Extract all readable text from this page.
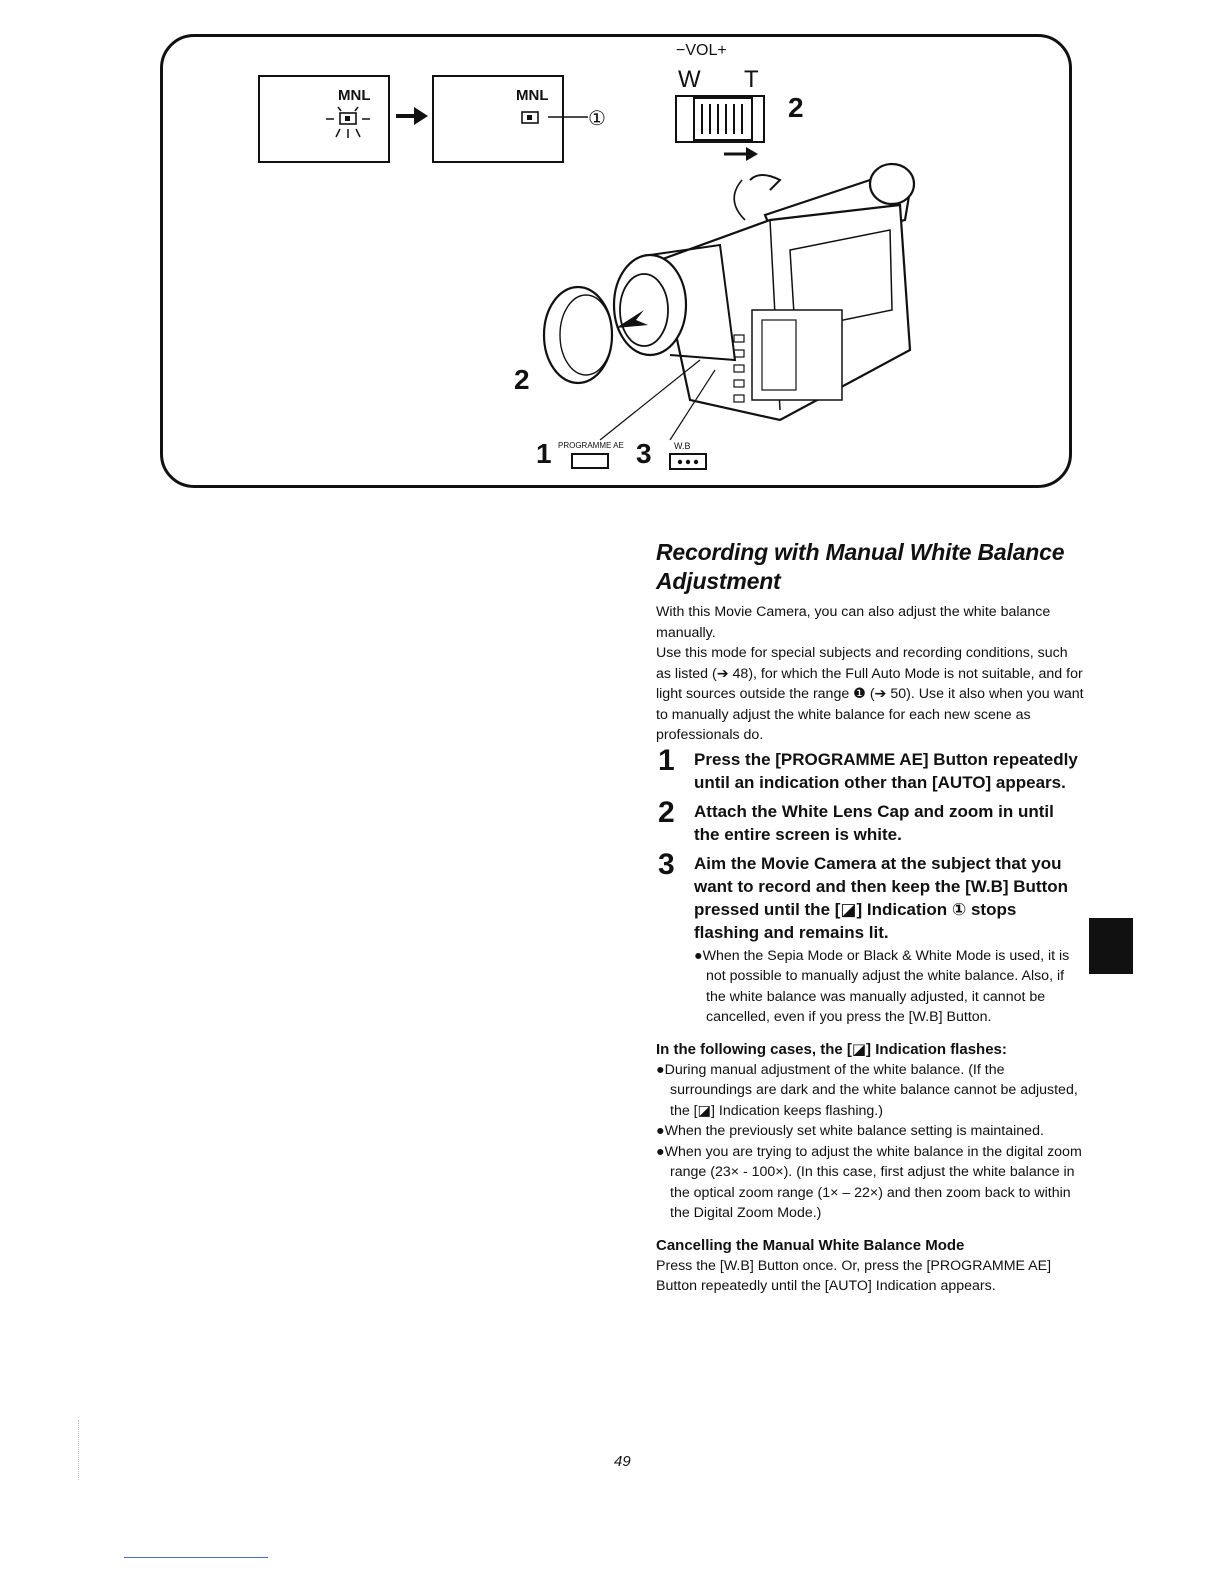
MNL	MNL
①
−VOL+
W T
2
2
1 PROGRAMME AE 3 W.B
Recording with Manual White Balance Adjustment

With this Movie Camera, you can also adjust the white balance manually.

Use this mode for special subjects and recording conditions, such as listed (➔ 48), for which the Full Auto Mode is not suitable, and for light sources outside the range ❶ (➔ 50). Use it also when you want to manually adjust the white balance for each new scene as professionals do.

1 Press the [PROGRAMME AE] Button repeatedly until an indication other than [AUTO] appears.
2 Attach the White Lens Cap and zoom in until the entire screen is white.
3 Aim the Movie Camera at the subject that you want to record and then keep the [W.B] Button pressed until the [◪] Indication ① stops flashing and remains lit.
●When the Sepia Mode or Black & White Mode is used, it is not possible to manually adjust the white balance. Also, if the white balance was manually adjusted, it cannot be cancelled, even if you press the [W.B] Button.
In the following cases, the [◪] Indication flashes:
●During manual adjustment of the white balance. (If the surroundings are dark and the white balance cannot be adjusted, the [◪] Indication keeps flashing.)
●When the previously set white balance setting is maintained.
●When you are trying to adjust the white balance in the digital zoom range (23× - 100×). (In this case, first adjust the white balance in the optical zoom range (1× – 22×) and then zoom back to within the Digital Zoom Mode.)
Cancelling the Manual White Balance Mode

Press the [W.B] Button once. Or, press the [PROGRAMME AE] Button repeatedly until the [AUTO] Indication appears.

49
